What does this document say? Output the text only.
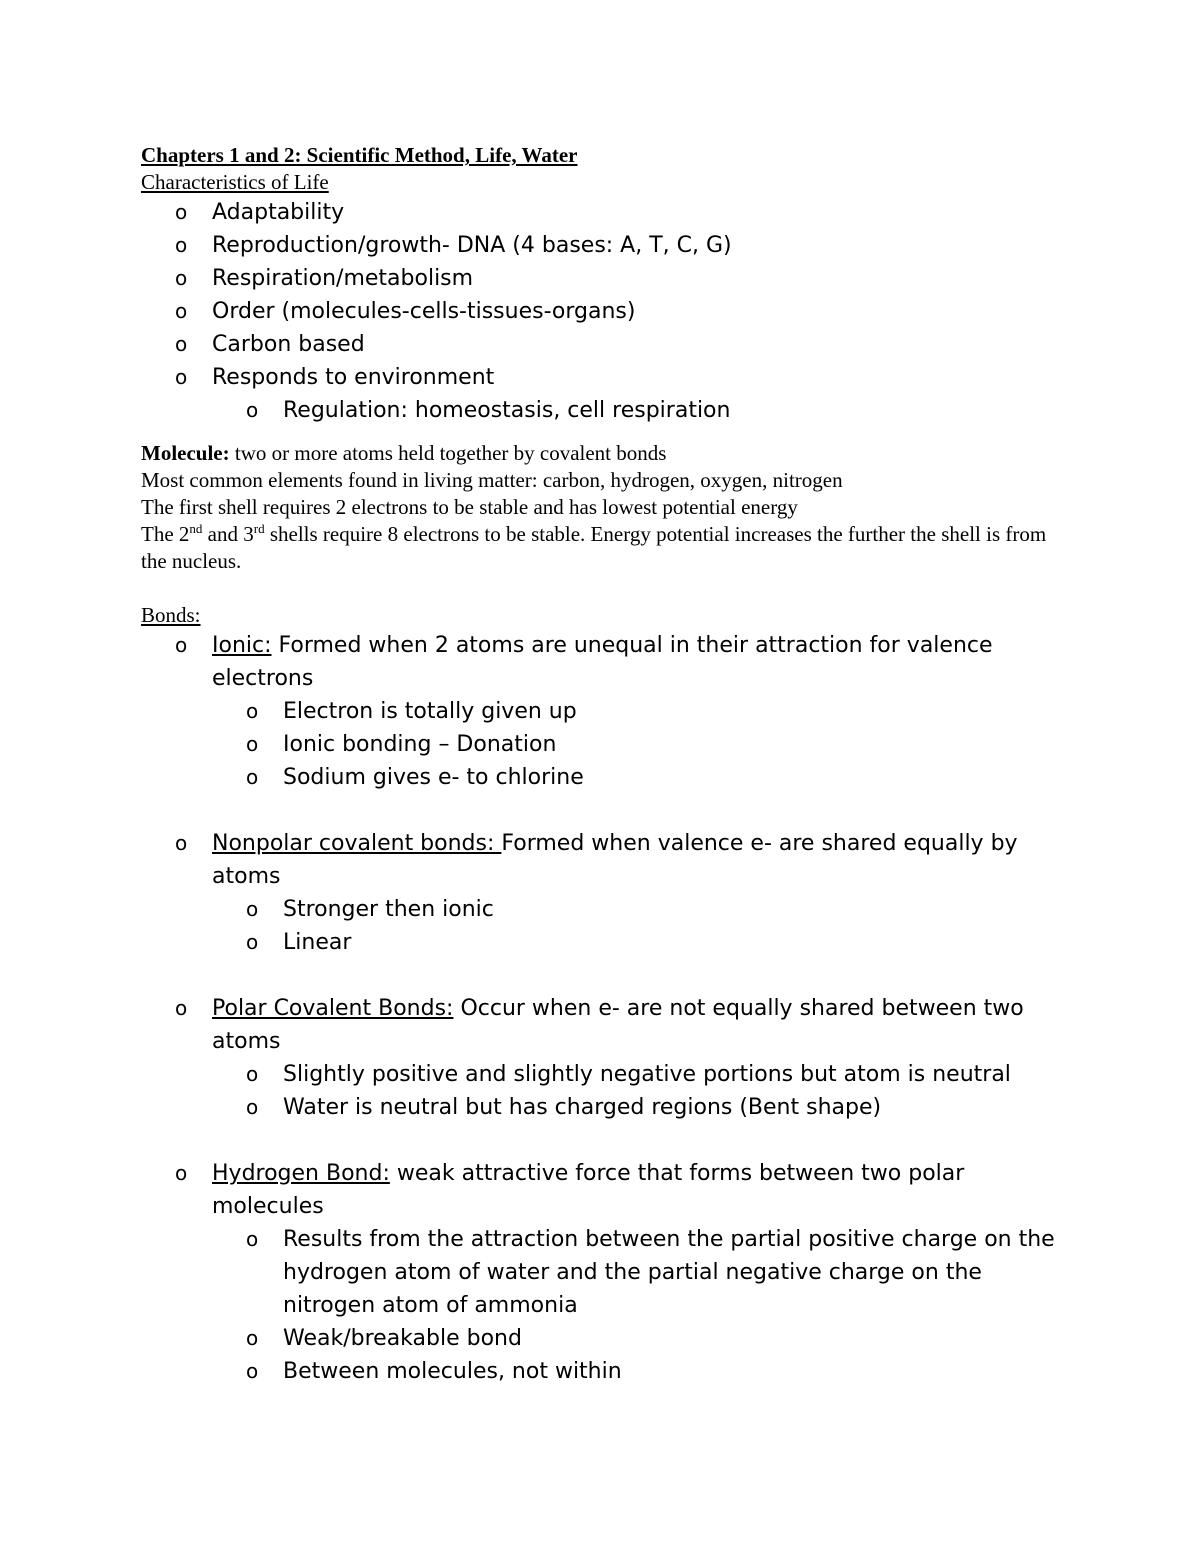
Chapters 1 and 2: Scientific Method, Life, Water
Characteristics of Life
o Adaptability
o Reproduction/growth- DNA (4 bases: A, T, C, G)
o Respiration/metabolism
o Order (molecules-cells-tissues-organs)
o Carbon based
o Responds to environment
o Regulation: homeostasis, cell respiration
Molecule: two or more atoms held together by covalent bonds
Most common elements found in living matter: carbon, hydrogen, oxygen, nitrogen
The first shell requires 2 electrons to be stable and has lowest potential energy
The 2nd and 3rd shells require 8 electrons to be stable. Energy potential increases the further the shell is from the nucleus.
Bonds:
o Ionic: Formed when 2 atoms are unequal in their attraction for valence electrons
o Electron is totally given up
o Ionic bonding – Donation
o Sodium gives e- to chlorine
o Nonpolar covalent bonds: Formed when valence e- are shared equally by atoms
o Stronger then ionic
o Linear
o Polar Covalent Bonds: Occur when e- are not equally shared between two atoms
o Slightly positive and slightly negative portions but atom is neutral
o Water is neutral but has charged regions (Bent shape)
o Hydrogen Bond: weak attractive force that forms between two polar molecules
o Results from the attraction between the partial positive charge on the hydrogen atom of water and the partial negative charge on the nitrogen atom of ammonia
o Weak/breakable bond
o Between molecules, not within
